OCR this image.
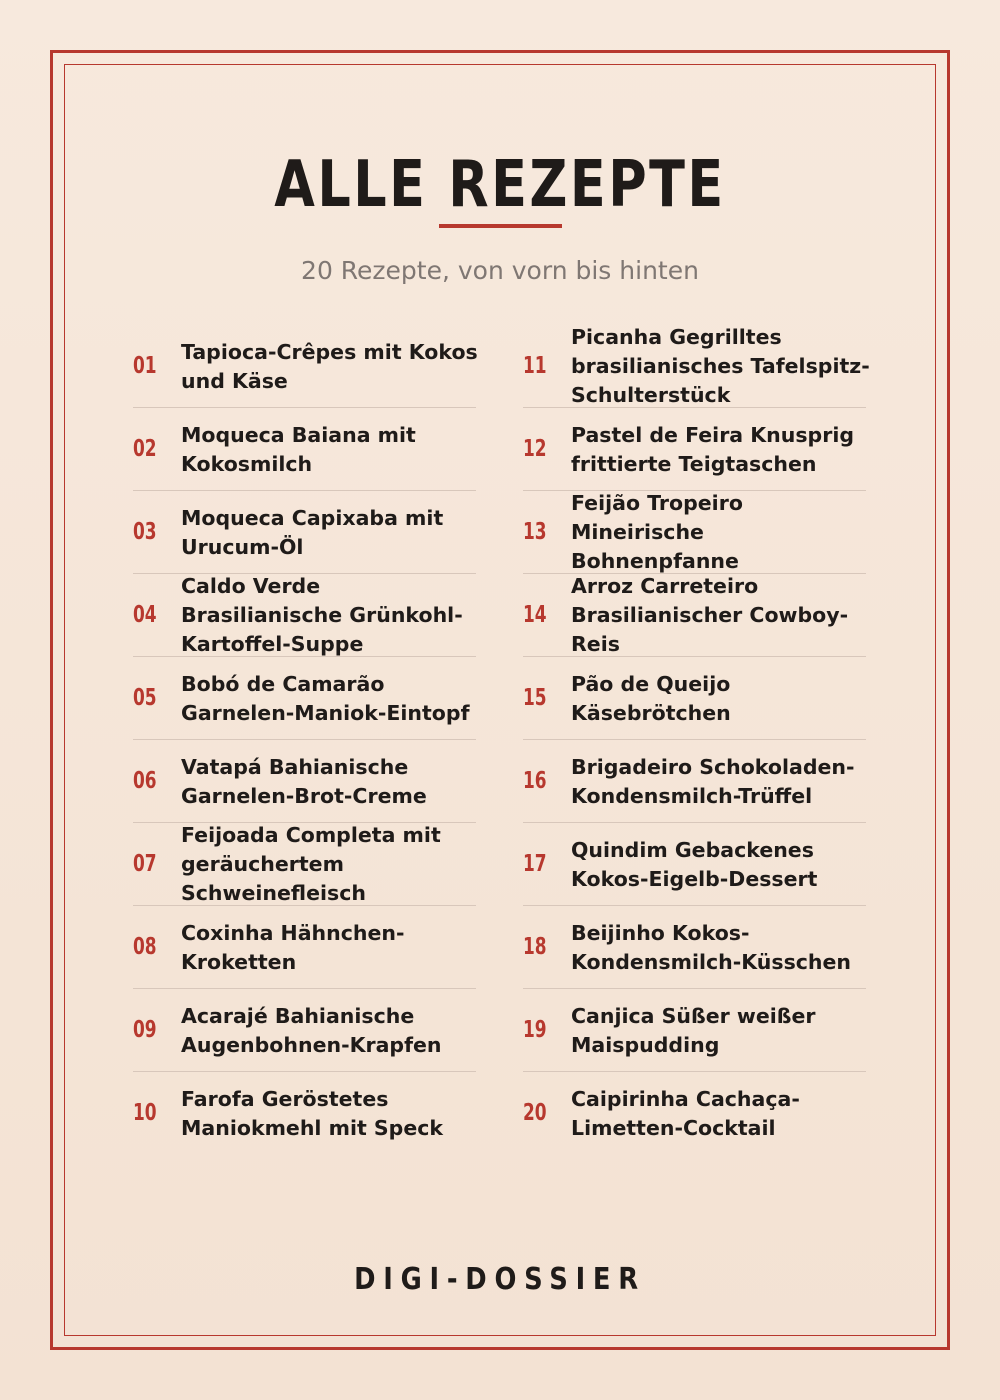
ALLE REZEPTE
20 Rezepte, von vorn bis hinten
01
Tapioca-Crêpes mit Kokos und Käse
02
Moqueca Baiana mit Kokosmilch
03
Moqueca Capixaba mit Urucum-Öl
04
Caldo Verde Brasilianische Grünkohl-Kartoffel-Suppe
05
Bobó de Camarão Garnelen-Maniok-Eintopf
06
Vatapá Bahianische Garnelen-Brot-Creme
07
Feijoada Completa mit geräuchertem Schweinefleisch
08
Coxinha Hähnchen-Kroketten
09
Acarajé Bahianische Augenbohnen-Krapfen
10
Farofa Geröstetes Maniokmehl mit Speck
11
Picanha Gegrilltes brasilianisches Tafelspitz-Schulterstück
12
Pastel de Feira Knusprig frittierte Teigtaschen
13
Feijão Tropeiro Mineirische Bohnenpfanne
14
Arroz Carreteiro Brasilianischer Cowboy-Reis
15
Pão de Queijo Käsebrötchen
16
Brigadeiro Schokoladen-Kondensmilch-Trüffel
17
Quindim Gebackenes Kokos-Eigelb-Dessert
18
Beijinho Kokos-Kondensmilch-Küsschen
19
Canjica Süßer weißer Maispudding
20
Caipirinha Cachaça-Limetten-Cocktail
DIGI-DOSSIER
